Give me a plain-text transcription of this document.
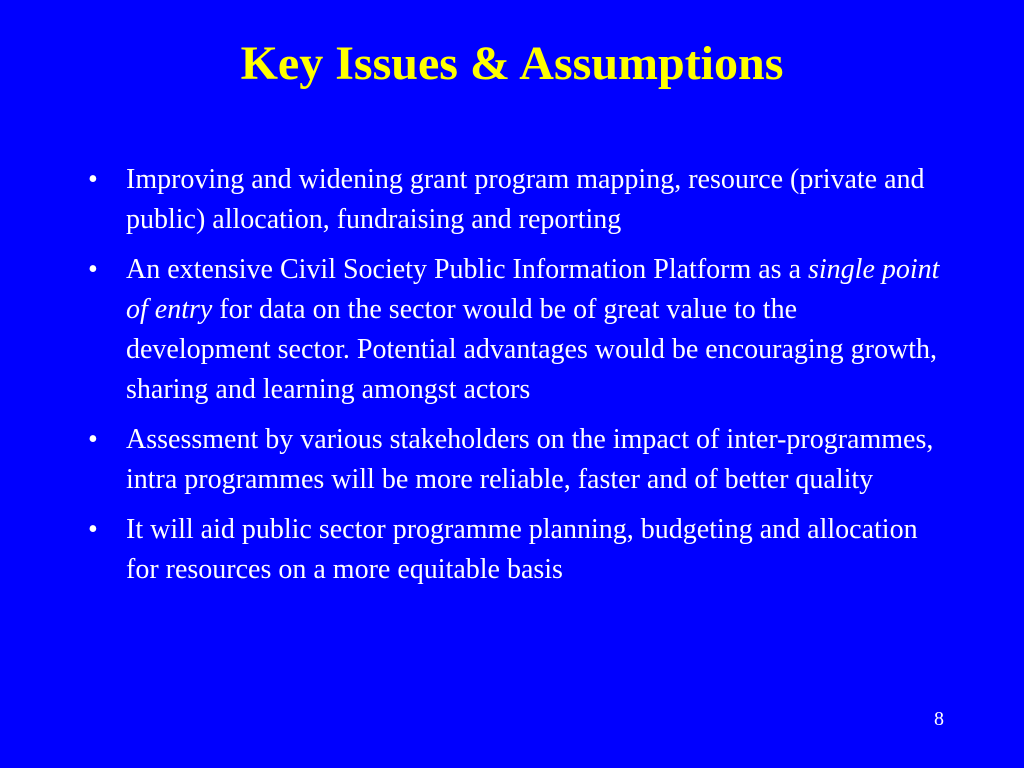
Key Issues & Assumptions
•	Improving and widening grant program mapping, resource (private and public) allocation, fundraising and reporting
•	An extensive Civil Society Public Information Platform as a single point of entry for data on the sector would be of great value to the development sector. Potential advantages would be encouraging growth, sharing and learning amongst actors
•	Assessment by various stakeholders on the impact of inter-programmes, intra programmes will be more reliable, faster and of better quality
•	It will aid public sector programme planning, budgeting and allocation for resources on a more equitable basis
8
